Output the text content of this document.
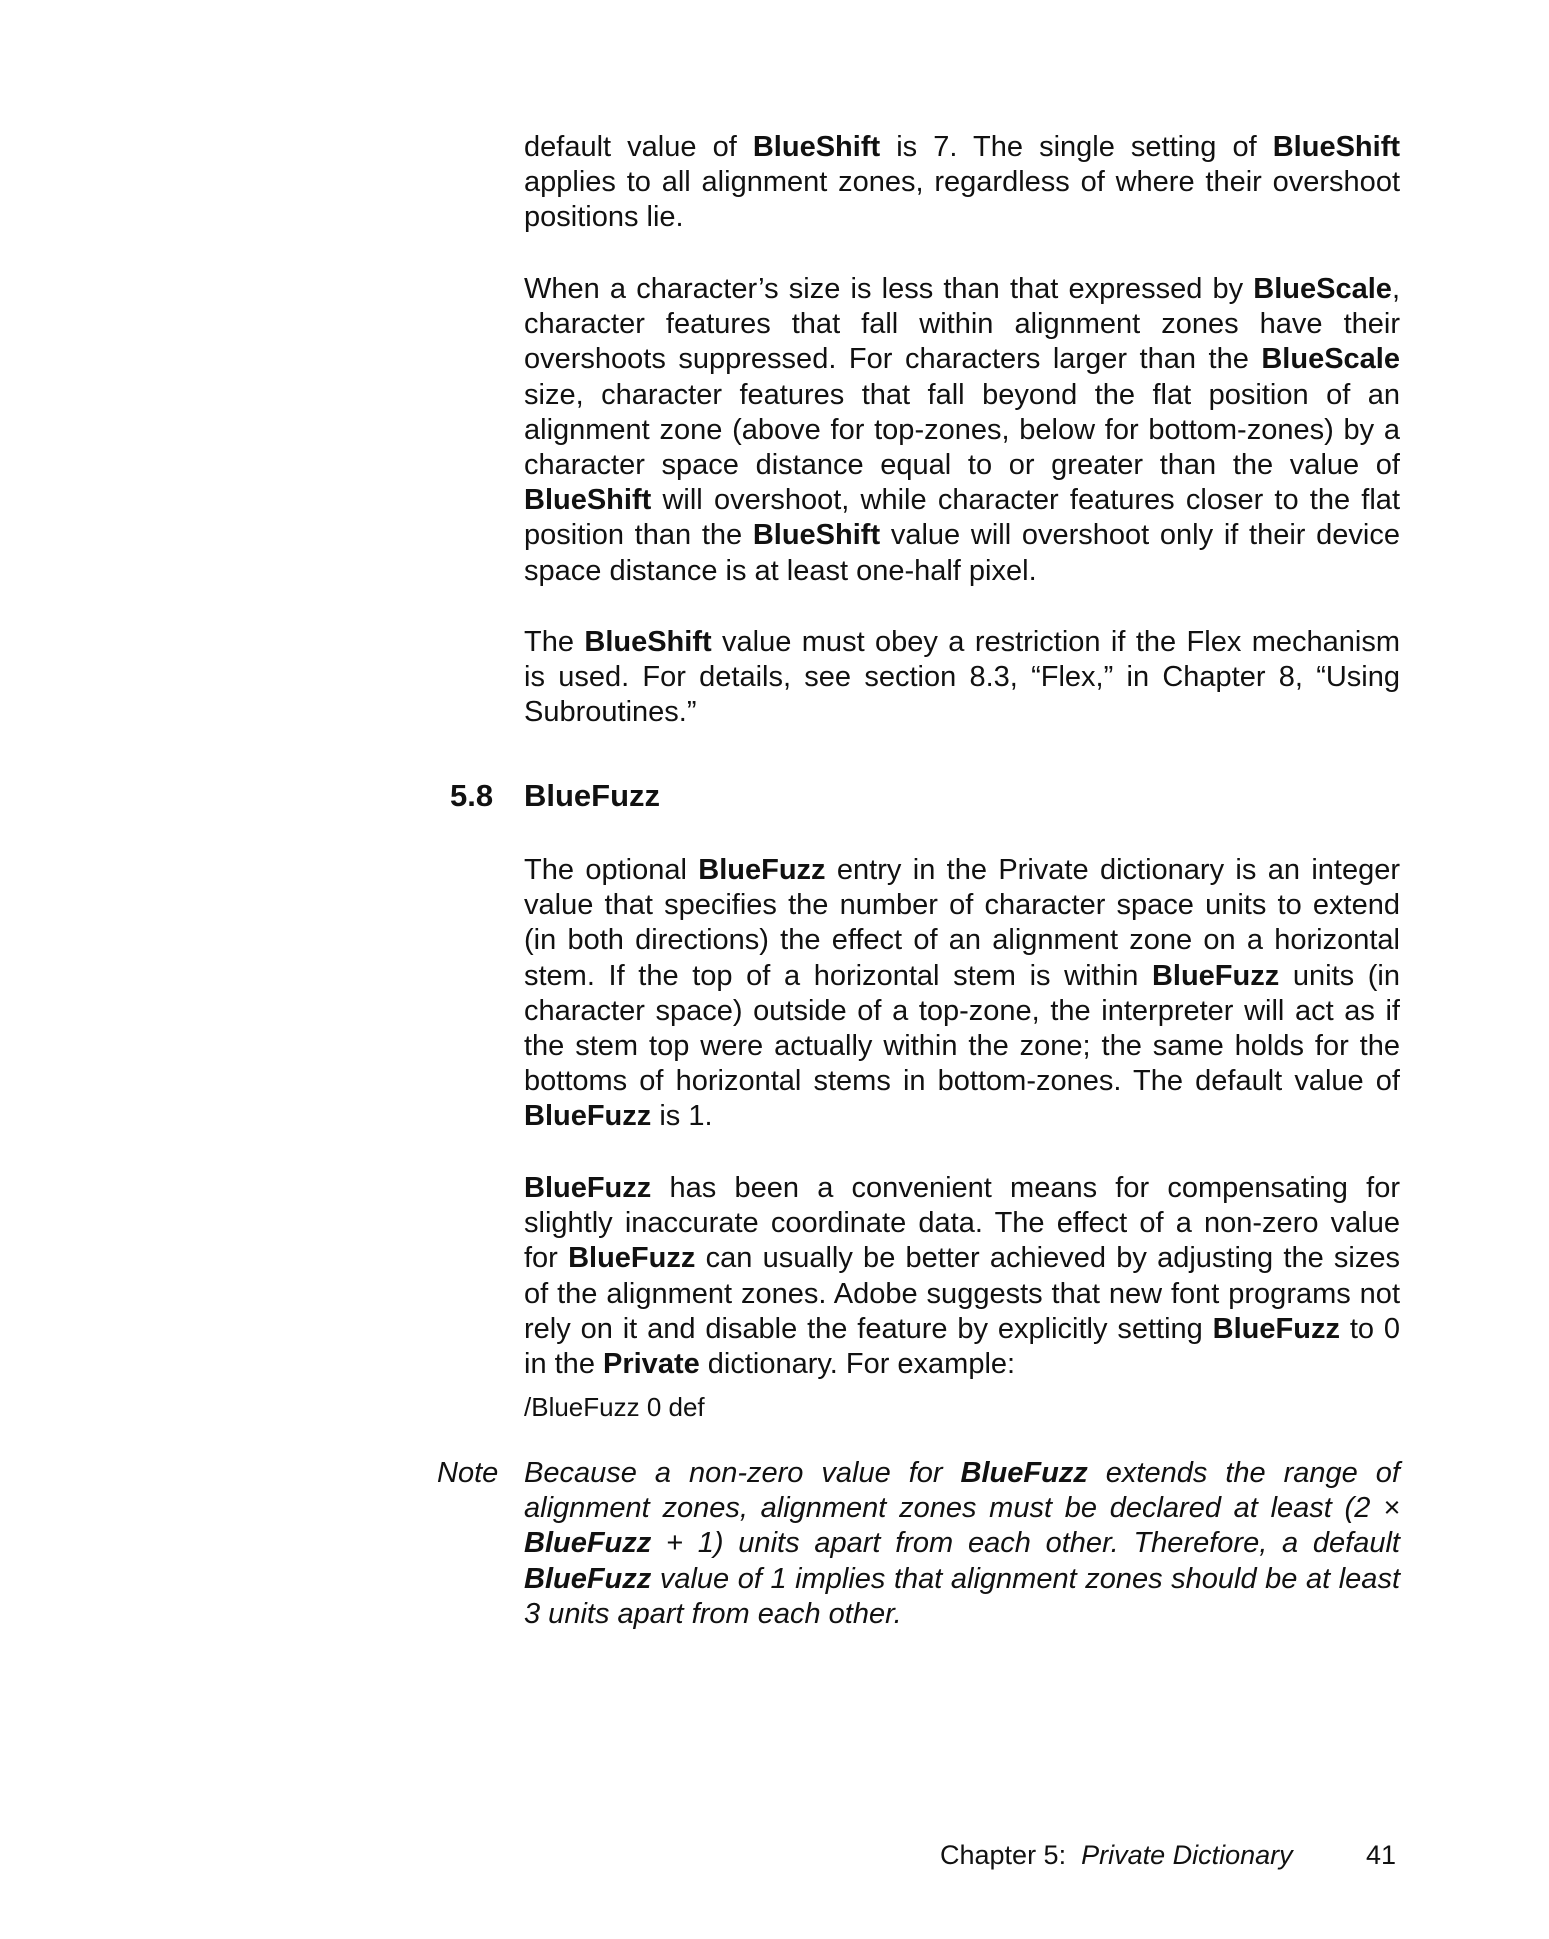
default value of BlueShift is 7. The single setting of BlueShift applies to all alignment zones, regardless of where their overshoot positions lie.

When a character’s size is less than that expressed by BlueScale, character features that fall within alignment zones have their overshoots suppressed. For characters larger than the BlueScale size, character features that fall beyond the flat position of an alignment zone (above for top-zones, below for bottom-zones) by a character space distance equal to or greater than the value of BlueShift will overshoot, while character features closer to the flat position than the BlueShift value will overshoot only if their device space distance is at least one-half pixel.

The BlueShift value must obey a restriction if the Flex mechanism is used. For details, see section 8.3, “Flex,” in Chapter 8, “Using Subroutines.”

5.8 BlueFuzz

The optional BlueFuzz entry in the Private dictionary is an integer value that specifies the number of character space units to extend (in both directions) the effect of an alignment zone on a horizontal stem. If the top of a horizontal stem is within BlueFuzz units (in character space) outside of a top-zone, the interpreter will act as if the stem top were actually within the zone; the same holds for the bottoms of horizontal stems in bottom-zones. The default value of BlueFuzz is 1.

BlueFuzz has been a convenient means for compensating for slightly inaccurate coordinate data. The effect of a non-zero value for BlueFuzz can usually be better achieved by adjusting the sizes of the alignment zones. Adobe suggests that new font programs not rely on it and disable the feature by explicitly setting BlueFuzz to 0 in the Private dictionary. For example:

/BlueFuzz 0 def

Note Because a non-zero value for BlueFuzz extends the range of alignment zones, alignment zones must be declared at least (2 × BlueFuzz + 1) units apart from each other. Therefore, a default BlueFuzz value of 1 implies that alignment zones should be at least 3 units apart from each other.

Chapter 5: Private Dictionary	41
